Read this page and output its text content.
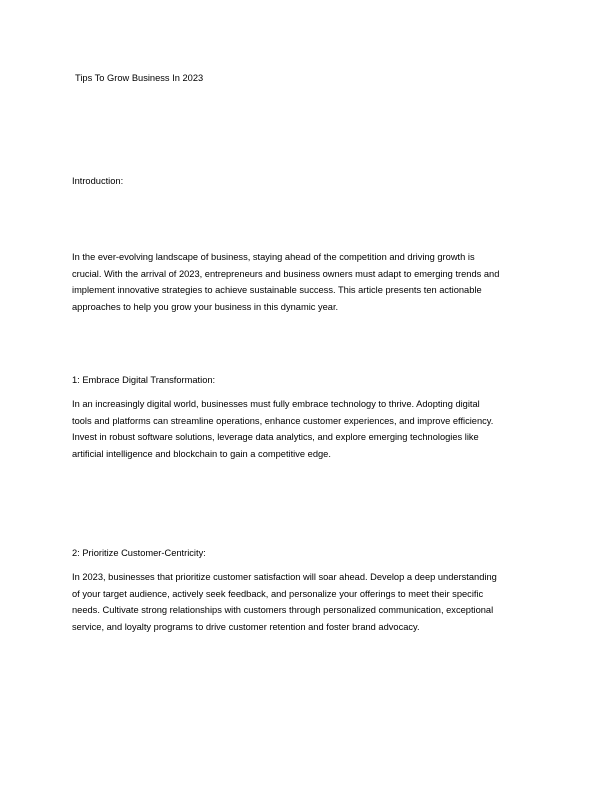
Tips To Grow Business In 2023

Introduction:

In the ever-evolving landscape of business, staying ahead of the competition and driving growth is
crucial. With the arrival of 2023, entrepreneurs and business owners must adapt to emerging trends and
implement innovative strategies to achieve sustainable success. This article presents ten actionable
approaches to help you grow your business in this dynamic year.

1: Embrace Digital Transformation:

In an increasingly digital world, businesses must fully embrace technology to thrive. Adopting digital
tools and platforms can streamline operations, enhance customer experiences, and improve efficiency.
Invest in robust software solutions, leverage data analytics, and explore emerging technologies like
artificial intelligence and blockchain to gain a competitive edge.

2: Prioritize Customer-Centricity:

In 2023, businesses that prioritize customer satisfaction will soar ahead. Develop a deep understanding
of your target audience, actively seek feedback, and personalize your offerings to meet their specific
needs. Cultivate strong relationships with customers through personalized communication, exceptional
service, and loyalty programs to drive customer retention and foster brand advocacy.
